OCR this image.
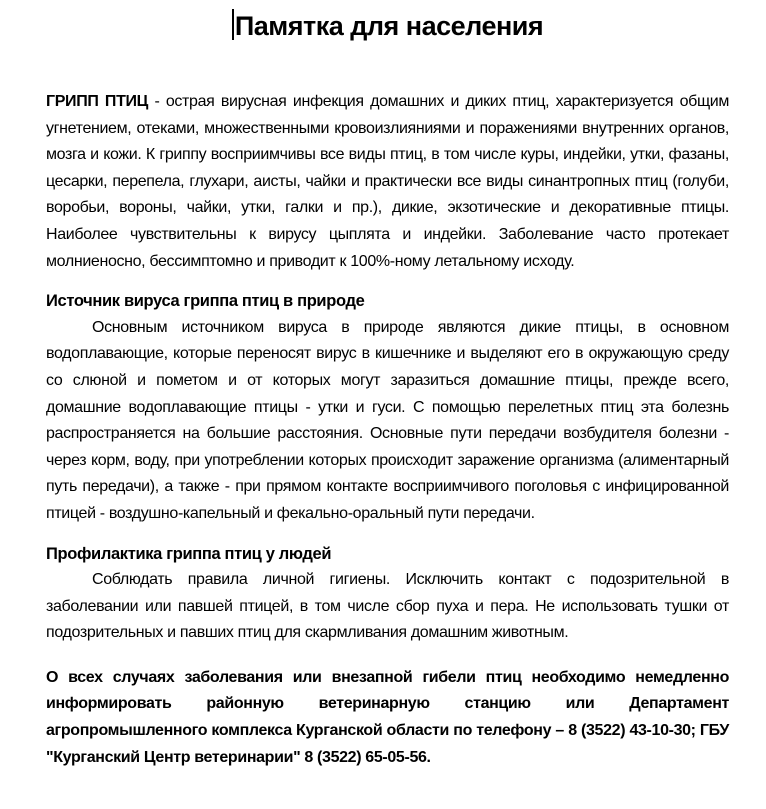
Памятка для населения

ГРИПП ПТИЦ - острая вирусная инфекция домашних и диких птиц, характеризуется общим угнетением, отеками, множественными кровоизлияниями и поражениями внутренних органов, мозга и кожи. К гриппу восприимчивы все виды птиц, в том числе куры, индейки, утки, фазаны, цесарки, перепела, глухари, аисты, чайки и практически все виды синантропных птиц (голуби, воробьи, вороны, чайки, утки, галки и пр.), дикие, экзотические и декоративные птицы. Наиболее чувствительны к вирусу цыплята и индейки. Заболевание часто протекает молниеносно, бессимптомно и приводит к 100%-ному летальному исходу.

Источник вируса гриппа птиц в природе

Основным источником вируса в природе являются дикие птицы, в основном водоплавающие, которые переносят вирус в кишечнике и выделяют его в окружающую среду со слюной и пометом и от которых могут заразиться домашние птицы, прежде всего, домашние водоплавающие птицы - утки и гуси. С помощью перелетных птиц эта болезнь распространяется на большие расстояния. Основные пути передачи возбудителя болезни - через корм, воду, при употреблении которых происходит заражение организма (алиментарный путь передачи), а также - при прямом контакте восприимчивого поголовья с инфицированной птицей - воздушно-капельный и фекально-оральный пути передачи.

Профилактика гриппа птиц у людей

Соблюдать правила личной гигиены. Исключить контакт с подозрительной в заболевании или павшей птицей, в том числе сбор пуха и пера. Не использовать тушки от подозрительных и павших птиц для скармливания домашним животным.

О всех случаях заболевания или внезапной гибели птиц необходимо немедленно информировать районную ветеринарную станцию или Департамент агропромышленного комплекса Курганской области по телефону – 8 (3522) 43-10-30; ГБУ "Курганский Центр ветеринарии" 8 (3522) 65-05-56.
